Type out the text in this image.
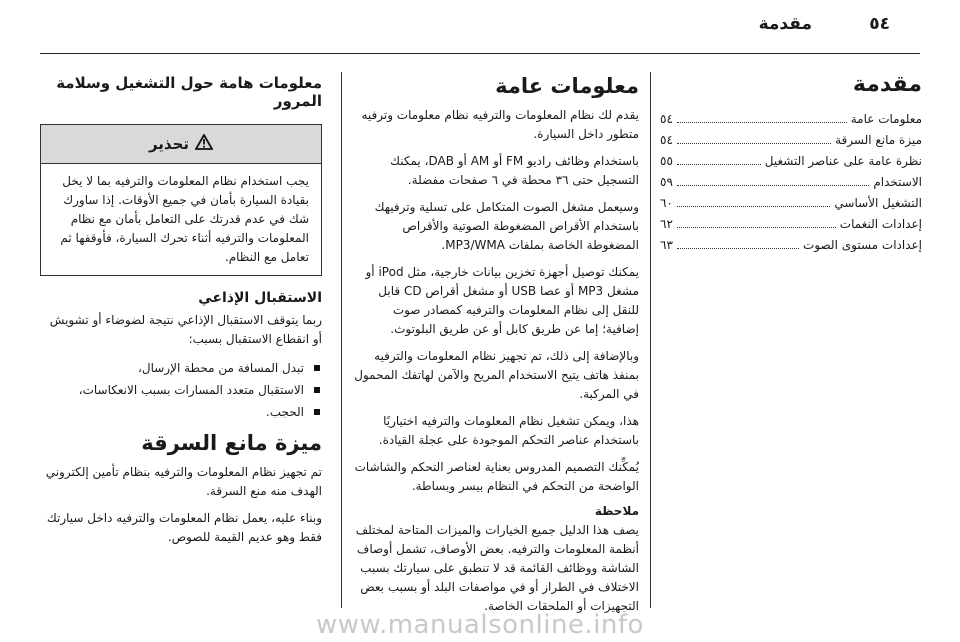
٥٤
مقدمة
مقدمة
معلومات عامة
٥٤
ميزة مانع السرقة
٥٤
نظرة عامة على عناصر التشغيل
٥٥
الاستخدام
٥٩
التشغيل الأساسي
٦٠
إعدادات النغمات
٦٢
إعدادات مستوى الصوت
٦٣
معلومات عامة

يقدم لك نظام المعلومات والترفيه نظام معلومات وترفيه متطور داخل السيارة.

باستخدام وظائف راديو FM أو AM أو DAB، يمكنك التسجيل حتى ٣٦ محطة في ٦ صفحات مفضلة.

وسيعمل مشغل الصوت المتكامل على تسلية وترفيهك باستخدام الأقراص المضغوطة الصوتية والأقراص المضغوطة الخاصة بملفات MP3/WMA.

يمكنك توصيل أجهزة تخزين بيانات خارجية، مثل iPod أو مشغل MP3 أو عصا USB أو مشغل أقراص CD قابل للنقل إلى نظام المعلومات والترفيه كمصادر صوت إضافية؛ إما عن طريق كابل أو عن طريق البلوتوث.

وبالإضافة إلى ذلك، تم تجهيز نظام المعلومات والترفيه بمنفذ هاتف يتيح الاستخدام المريح والآمن لهاتفك المحمول في المركبة.

هذا، ويمكن تشغيل نظام المعلومات والترفيه اختياريًا باستخدام عناصر التحكم الموجودة على عجلة القيادة.

يُمكِّنك التصميم المدروس بعناية لعناصر التحكم والشاشات الواضحة من التحكم في النظام بيسر وبساطة.

ملاحظة

يصف هذا الدليل جميع الخيارات والميزات المتاحة لمختلف أنظمة المعلومات والترفيه. بعض الأوصاف، تشمل أوصاف الشاشة ووظائف القائمة قد لا تنطبق على سيارتك بسبب الاختلاف في الطراز أو في مواصفات البلد أو بسبب بعض التجهيزات أو الملحقات الخاصة.

معلومات هامة حول التشغيل وسلامة المرور
تحذير

يجب استخدام نظام المعلومات والترفيه بما لا يخل بقيادة السيارة بأمان في جميع الأوقات. إذا ساورك شك في عدم قدرتك على التعامل بأمان مع نظام المعلومات والترفيه أثناء تحرك السيارة، فأوقفها ثم تعامل مع النظام.

الاستقبال الإذاعي

ربما يتوقف الاستقبال الإذاعي نتيجة لضوضاء أو تشويش أو انقطاع الاستقبال بسبب:

تبدل المسافة من محطة الإرسال،
الاستقبال متعدد المسارات بسبب الانعكاسات،
الحجب.
ميزة مانع السرقة

تم تجهيز نظام المعلومات والترفيه بنظام تأمين إلكتروني الهدف منه منع السرقة.

وبناء عليه، يعمل نظام المعلومات والترفيه داخل سيارتك فقط وهو عديم القيمة للصوص.

www.manualsonline.info
